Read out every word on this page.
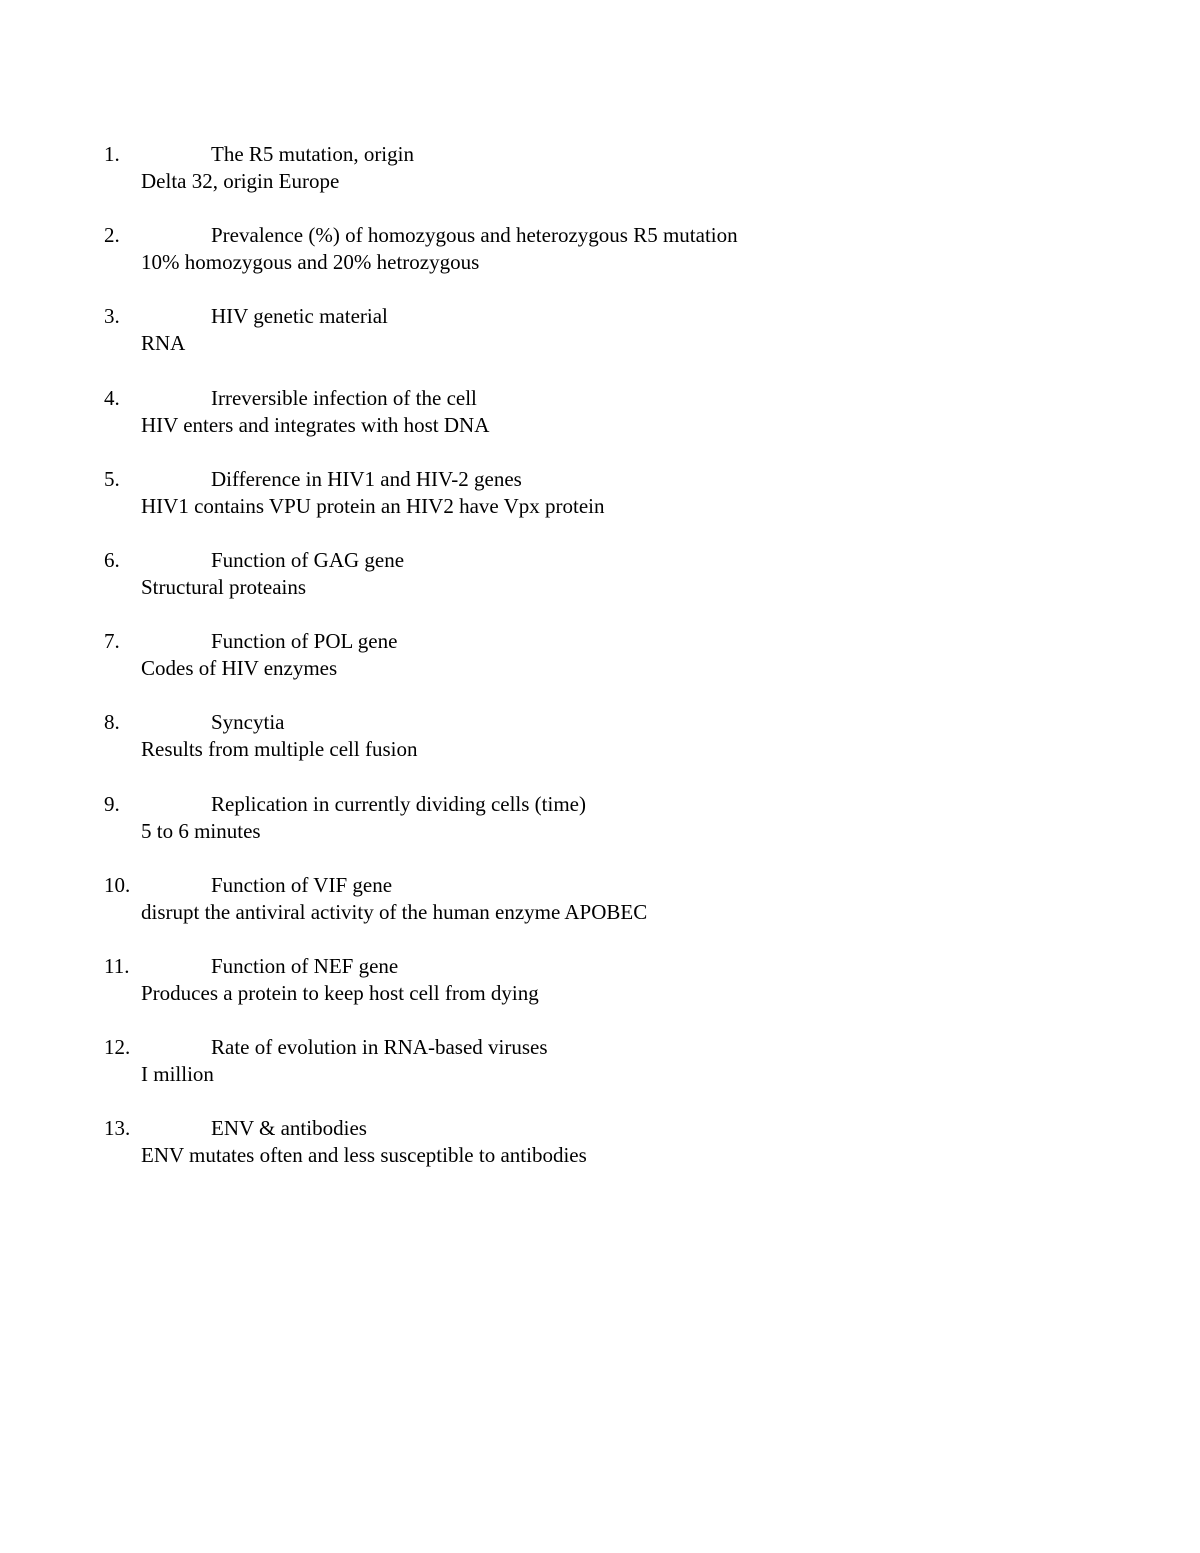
1.	The R5 mutation, origin
Delta 32, origin Europe
2.	Prevalence (%) of homozygous and heterozygous R5 mutation
10% homozygous and 20% hetrozygous
3.	HIV genetic material
RNA
4.	Irreversible infection of the cell
HIV enters and integrates with host DNA
5.	Difference in HIV1 and HIV-2 genes
HIV1 contains VPU protein an HIV2 have Vpx protein
6.	Function of GAG gene
Structural proteains
7.	Function of POL gene
Codes of HIV enzymes
8.	Syncytia
Results from multiple cell fusion
9.	Replication in currently dividing cells (time)
5 to 6 minutes
10.	Function of VIF gene
disrupt the antiviral activity of the human enzyme APOBEC
11.	Function of NEF gene
Produces a protein to keep host cell from dying
12.	Rate of evolution in RNA-based viruses
I million
13.	ENV & antibodies
ENV mutates often and less susceptible to antibodies
